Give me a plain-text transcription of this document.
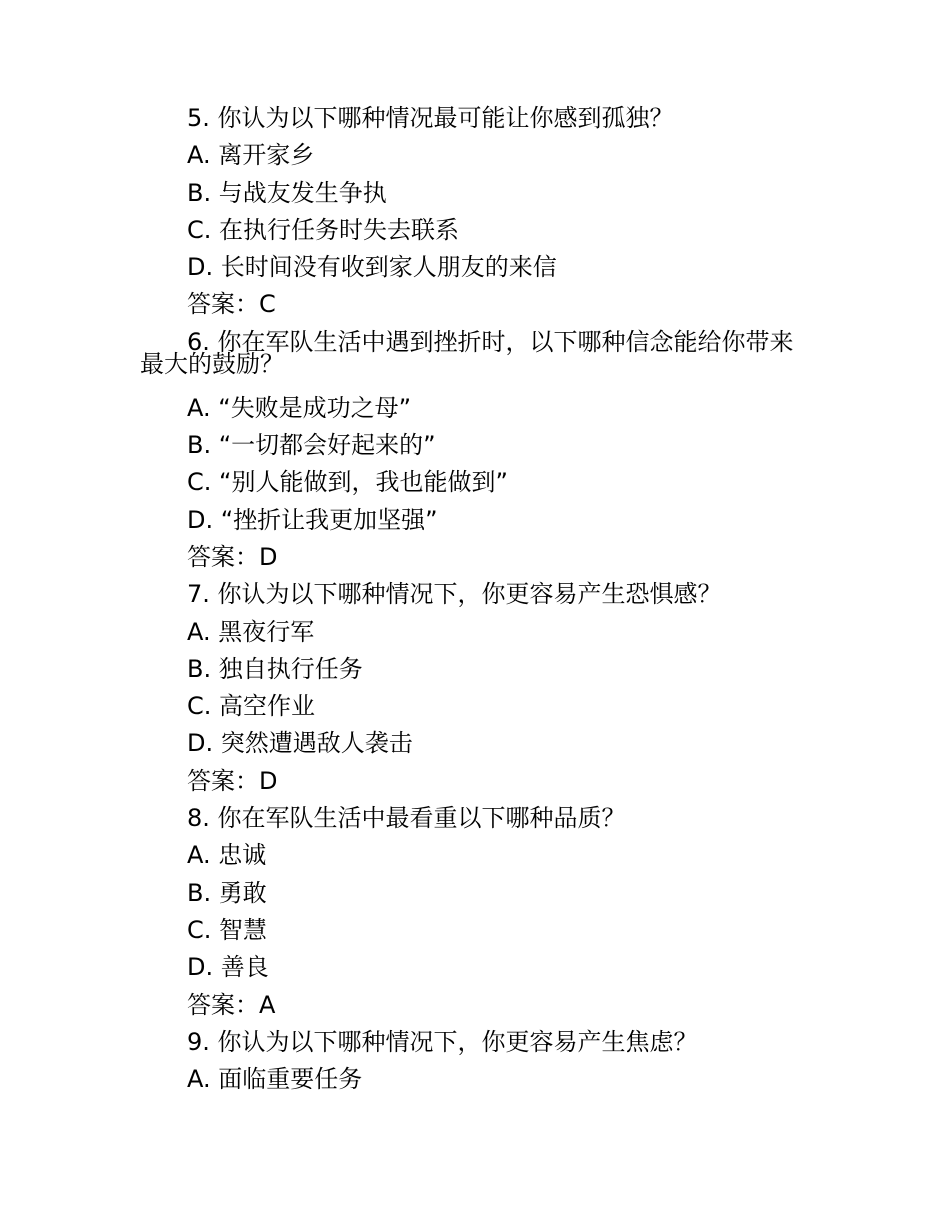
5. 你认为以下哪种情况最可能让你感到孤独？
A. 离开家乡
B. 与战友发生争执
C. 在执行任务时失去联系
D. 长时间没有收到家人朋友的来信
答案：C
6. 你在军队生活中遇到挫折时，以下哪种信念能给你带来
最大的鼓励？
A. “失败是成功之母”
B. “一切都会好起来的”
C. “别人能做到，我也能做到”
D. “挫折让我更加坚强”
答案：D
7. 你认为以下哪种情况下，你更容易产生恐惧感？
A. 黑夜行军
B. 独自执行任务
C. 高空作业
D. 突然遭遇敌人袭击
答案：D
8. 你在军队生活中最看重以下哪种品质？
A. 忠诚
B. 勇敢
C. 智慧
D. 善良
答案：A
9. 你认为以下哪种情况下，你更容易产生焦虑？
A. 面临重要任务
